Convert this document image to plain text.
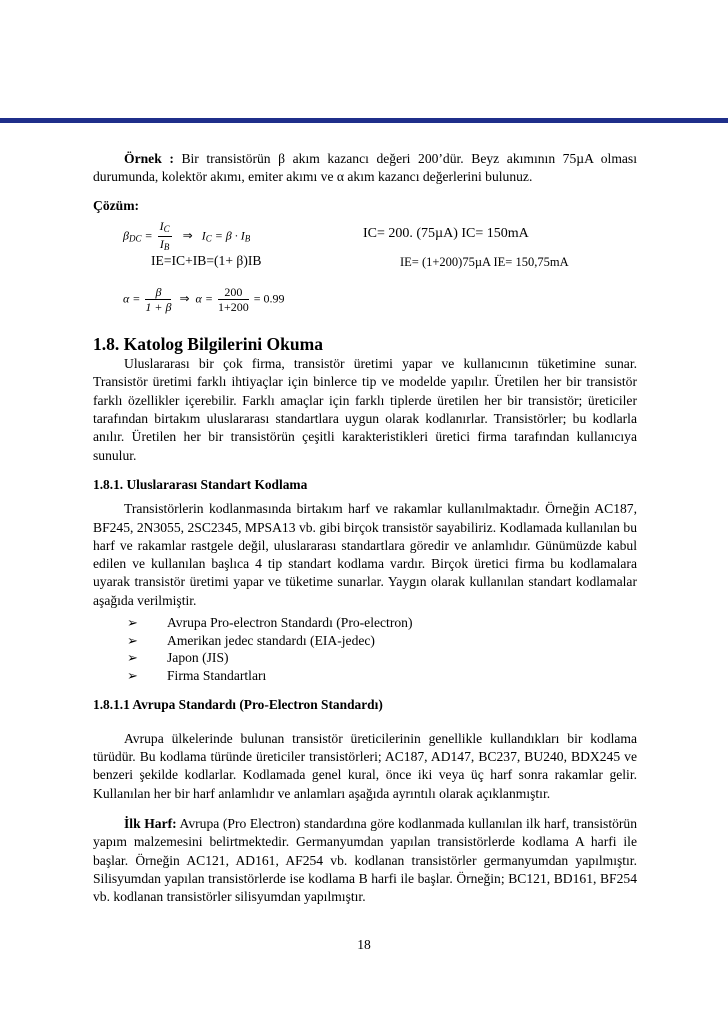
Örnek : Bir transistörün β akım kazancı değeri 200’dür. Beyz akımının 75µA olması durumunda, kolektör akımı, emiter akımı ve α akım kazancı değerlerini bulunuz.

Çözüm:

$\beta_{DC} = \frac{I_C}{I_B}$ ⇒   $I_C = \beta \cdot I_B$	IC= 200. (75µA) IC= 150mA
IE=IC+IB=(1+ β)IB	IE= (1+200)75µA IE= 150,75mA
$\alpha = \frac{\beta}{1 + \beta}$ ⇒  $\alpha = \frac{200}{1+200} = 0.99$

1.8. Katolog Bilgilerini Okuma

Uluslararası bir çok firma, transistör üretimi yapar ve kullanıcının tüketimine sunar. Transistör üretimi farklı ihtiyaçlar için binlerce tip ve modelde yapılır. Üretilen her bir transistör farklı özellikler içerebilir. Farklı amaçlar için farklı tiplerde üretilen her bir transistör; üreticiler tarafından birtakım uluslararası standartlara uygun olarak kodlanırlar. Transistörler; bu kodlarla anılır. Üretilen her bir transistörün çeşitli karakteristikleri üretici firma tarafından kullanıcıya sunulur.

1.8.1. Uluslararası Standart Kodlama

Transistörlerin kodlanmasında birtakım harf ve rakamlar kullanılmaktadır. Örneğin AC187, BF245, 2N3055, 2SC2345, MPSA13 vb. gibi birçok transistör sayabiliriz. Kodlamada kullanılan bu harf ve rakamlar rastgele değil, uluslararası standartlara göredir ve anlamlıdır. Günümüzde kabul edilen ve kullanılan başlıca 4 tip standart kodlama vardır. Birçok üretici firma bu kodlamalara uyarak transistör üretimi yapar ve tüketime sunarlar. Yaygın olarak kullanılan standart kodlamalar aşağıda verilmiştir.

➢ Avrupa Pro-electron Standardı (Pro-electron)
➢ Amerikan jedec standardı (EIA-jedec)
➢ Japon (JIS)
➢ Firma Standartları

1.8.1.1 Avrupa Standardı (Pro-Electron Standardı)

Avrupa ülkelerinde bulunan transistör üreticilerinin genellikle kullandıkları bir kodlama türüdür. Bu kodlama türünde üreticiler transistörleri; AC187, AD147, BC237, BU240, BDX245 ve benzeri şekilde kodlarlar. Kodlamada genel kural, önce iki veya üç harf sonra rakamlar gelir. Kullanılan her bir harf anlamlıdır ve anlamları aşağıda ayrıntılı olarak açıklanmıştır.

İlk Harf: Avrupa (Pro Electron) standardına göre kodlanmada kullanılan ilk harf, transistörün yapım malzemesini belirtmektedir. Germanyumdan yapılan transistörlerde kodlama A harfi ile başlar. Örneğin AC121, AD161, AF254 vb. kodlanan transistörler germanyumdan yapılmıştır. Silisyumdan yapılan transistörlerde ise kodlama B harfi ile başlar. Örneğin; BC121, BD161, BF254 vb. kodlanan transistörler silisyumdan yapılmıştır.

18
